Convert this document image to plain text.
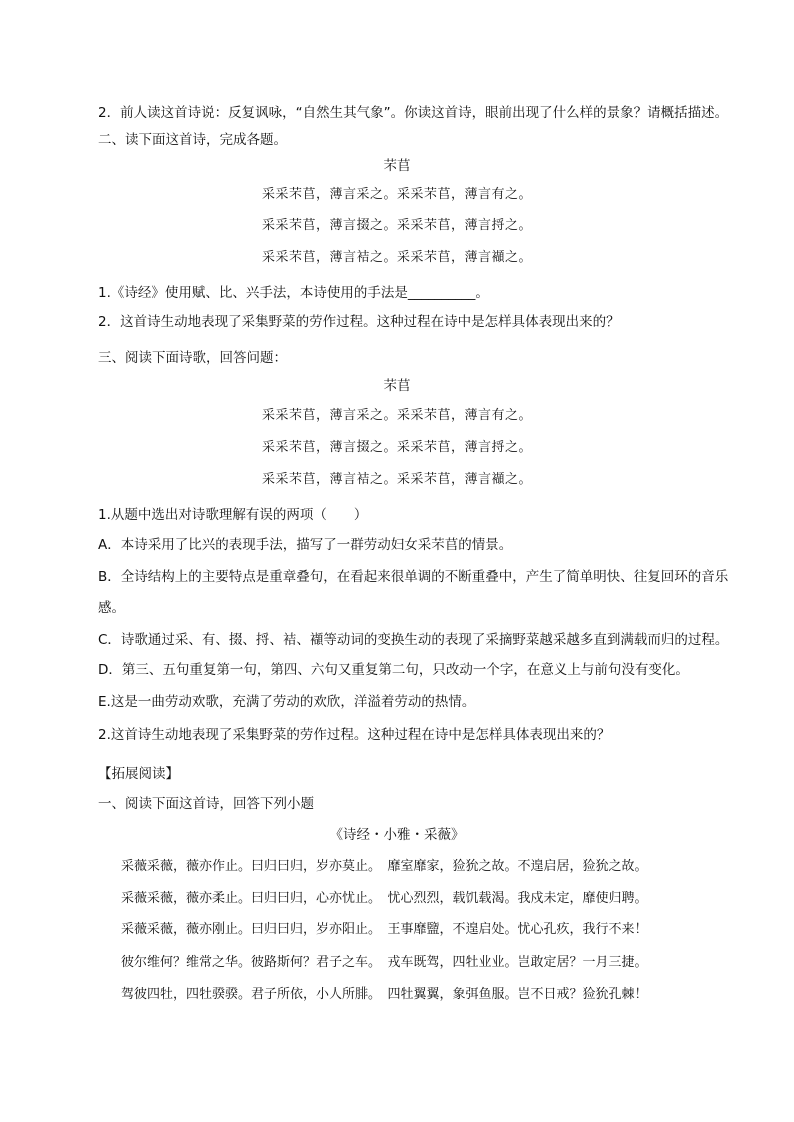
2．前人读这首诗说：反复讽咏，“自然生其气象”。你读这首诗，眼前出现了什么样的景象？请概括描述。
二、读下面这首诗，完成各题。
芣苢
采采芣苢，薄言采之。采采芣苢，薄言有之。
采采芣苢，薄言掇之。采采芣苢，薄言捋之。
采采芣苢，薄言袺之。采采芣苢，薄言襭之。
1.《诗经》使用赋、比、兴手法，本诗使用的手法是__________。
2．这首诗生动地表现了采集野菜的劳作过程。这种过程在诗中是怎样具体表现出来的？
三、阅读下面诗歌，回答问题：
芣苢
采采芣苢，薄言采之。采采芣苢，薄言有之。
采采芣苢，薄言掇之。采采芣苢，薄言捋之。
采采芣苢，薄言袺之。采采芣苢，薄言襭之。
1.从题中选出对诗歌理解有误的两项（　　）
A．本诗采用了比兴的表现手法，描写了一群劳动妇女采芣苢的情景。
B．全诗结构上的主要特点是重章叠句，在看起来很单调的不断重叠中，产生了简单明快、往复回环的音乐
感。
C．诗歌通过采、有、掇、捋、袺、襭等动词的变换生动的表现了采摘野菜越采越多直到满载而归的过程。
D．第三、五句重复第一句，第四、六句又重复第二句，只改动一个字，在意义上与前句没有变化。
E.这是一曲劳动欢歌，充满了劳动的欢欣，洋溢着劳动的热情。
2.这首诗生动地表现了采集野菜的劳作过程。这种过程在诗中是怎样具体表现出来的？
【拓展阅读】
一、阅读下面这首诗，回答下列小题
《诗经・小雅・采薇》
采薇采薇，薇亦作止。曰归曰归，岁亦莫止。　靡室靡家，猃狁之故。不遑启居，猃狁之故。
采薇采薇，薇亦柔止。曰归曰归，心亦忧止。　忧心烈烈，载饥载渴。我戍未定，靡使归聘。
采薇采薇，薇亦刚止。曰归曰归，岁亦阳止。　王事靡盬，不遑启处。忧心孔疚，我行不来！
彼尔维何？维常之华。彼路斯何？君子之车。　戎车既驾，四牡业业。岂敢定居？一月三捷。
驾彼四牡，四牡骙骙。君子所依，小人所腓。　四牡翼翼，象弭鱼服。岂不日戒？猃狁孔棘！
